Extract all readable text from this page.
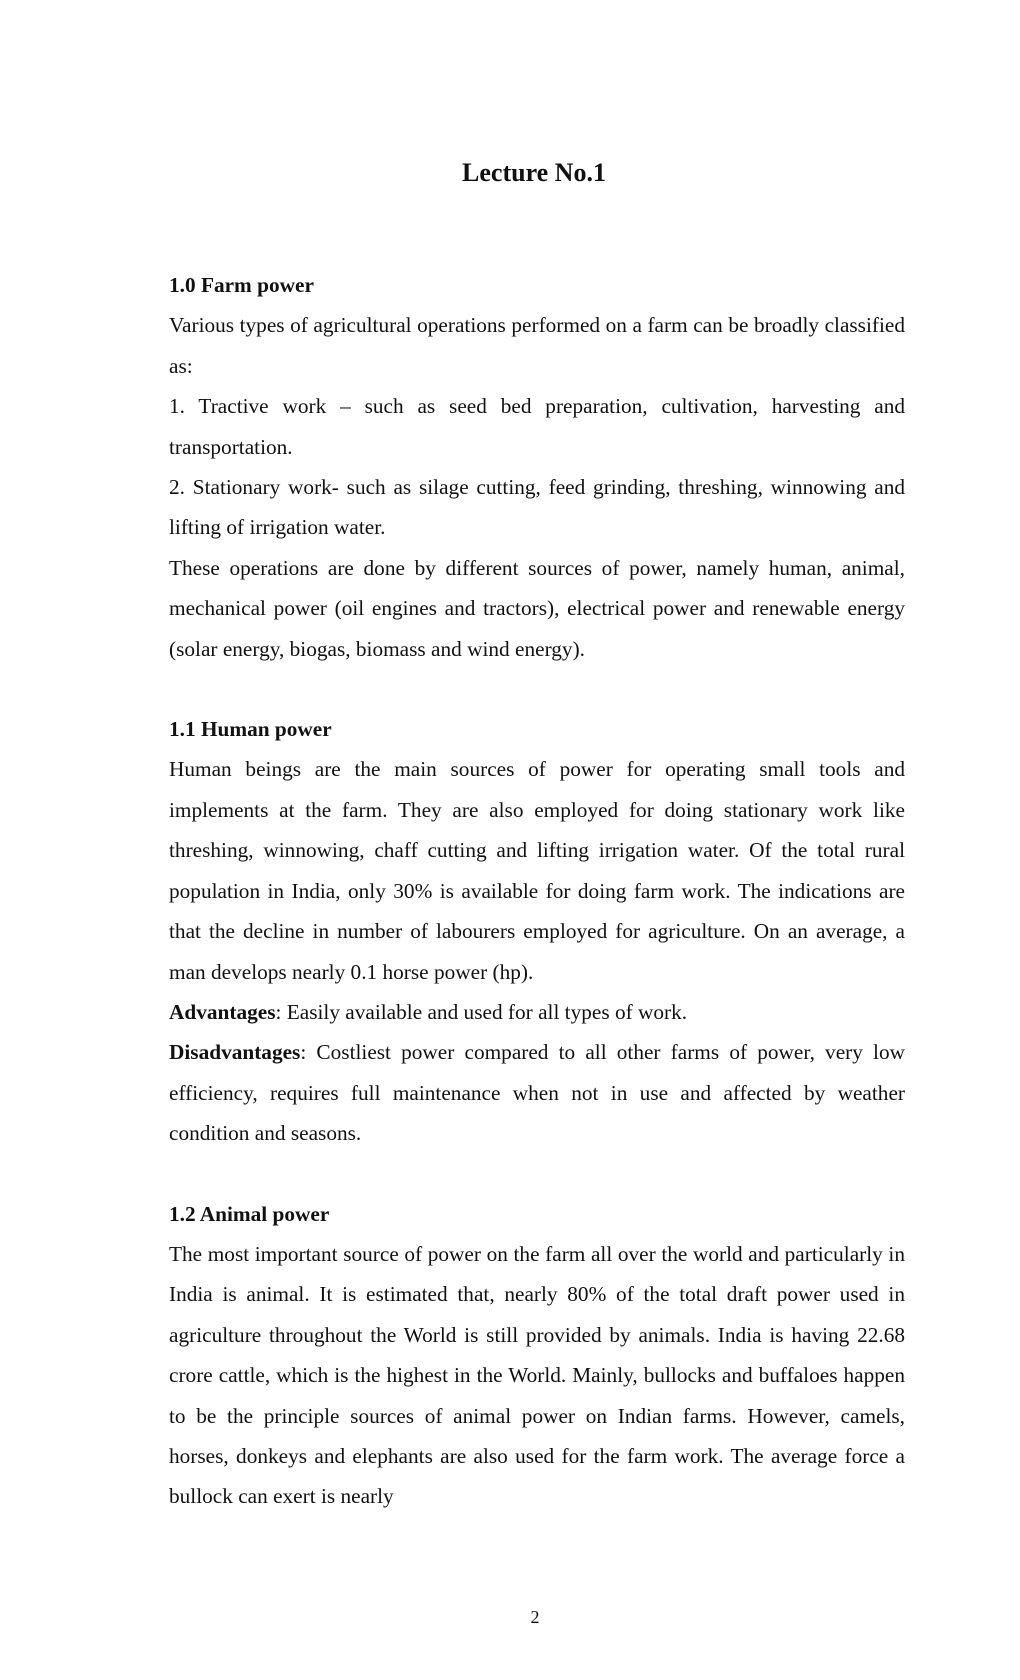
Lecture No.1
1.0 Farm power

Various types of agricultural operations performed on a farm can be broadly classified as:

1. Tractive work – such as seed bed preparation, cultivation, harvesting and transportation.

2. Stationary work- such as silage cutting, feed grinding, threshing, winnowing and lifting of irrigation water.

These operations are done by different sources of power, namely human, animal, mechanical power (oil engines and tractors), electrical power and renewable energy (solar energy, biogas, biomass and wind energy).

1.1 Human power

Human beings are the main sources of power for operating small tools and implements at the farm. They are also employed for doing stationary work like threshing, winnowing, chaff cutting and lifting irrigation water. Of the total rural population in India, only 30% is available for doing farm work. The indications are that the decline in number of labourers employed for agriculture. On an average, a man develops nearly 0.1 horse power (hp).

Advantages: Easily available and used for all types of work.

Disadvantages: Costliest power compared to all other farms of power, very low efficiency, requires full maintenance when not in use and affected by weather condition and seasons.

1.2 Animal power

The most important source of power on the farm all over the world and particularly in India is animal. It is estimated that, nearly 80% of the total draft power used in agriculture throughout the World is still provided by animals. India is having 22.68 crore cattle, which is the highest in the World. Mainly, bullocks and buffaloes happen to be the principle sources of animal power on Indian farms. However, camels, horses, donkeys and elephants are also used for the farm work. The average force a bullock can exert is nearly

2
